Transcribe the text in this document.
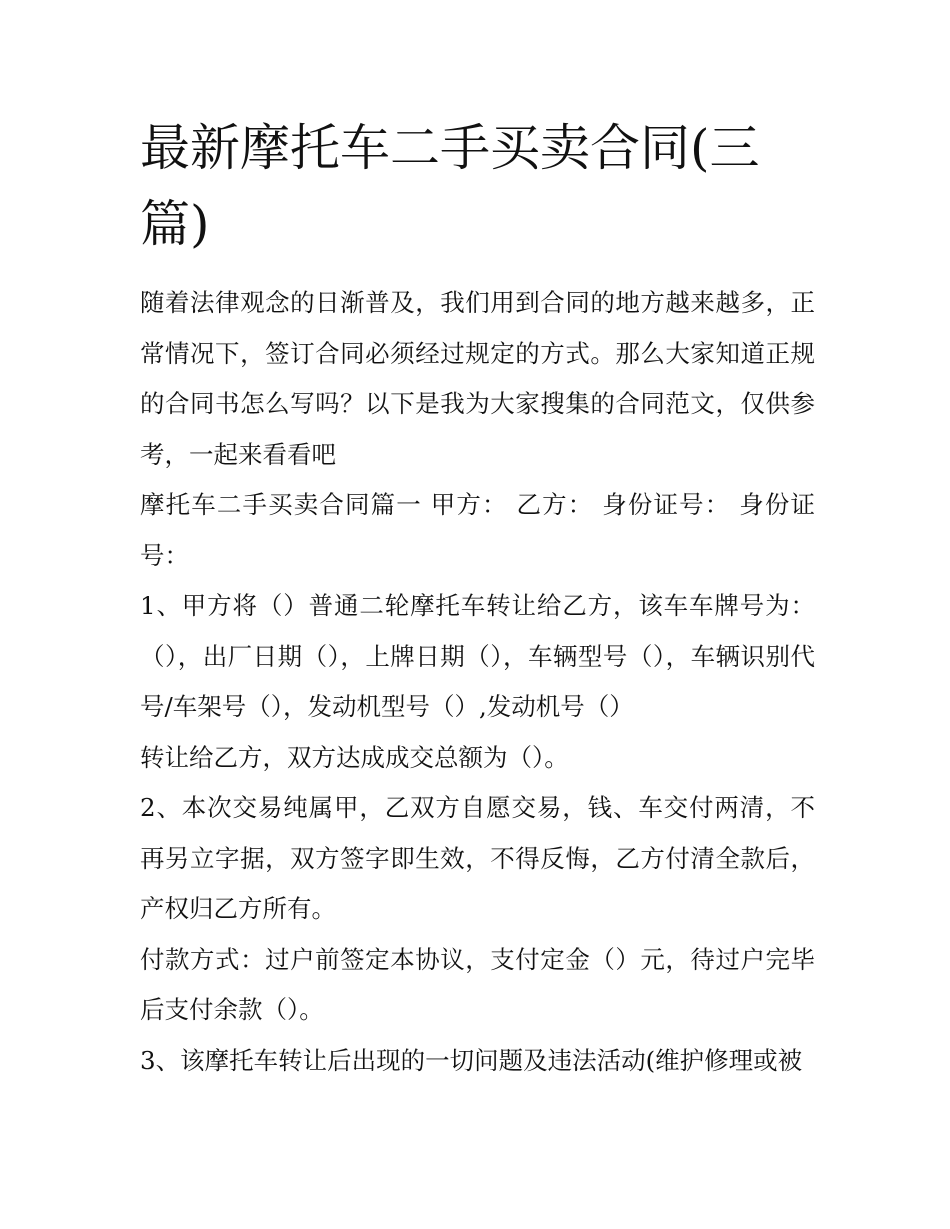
最新摩托车二手买卖合同(三篇)

随着法律观念的日渐普及，我们用到合同的地方越来越多，正常情况下，签订合同必须经过规定的方式。那么大家知道正规的合同书怎么写吗？以下是我为大家搜集的合同范文，仅供参考，一起来看看吧

摩托车二手买卖合同篇一 甲方： 乙方： 身份证号： 身份证号：

1、甲方将（）普通二轮摩托车转让给乙方，该车车牌号为：（），出厂日期（），上牌日期（），车辆型号（），车辆识别代号/车架号（），发动机型号（）,发动机号（）

转让给乙方，双方达成成交总额为（）。

2、本次交易纯属甲，乙双方自愿交易，钱、车交付两清，不再另立字据，双方签字即生效，不得反悔，乙方付清全款后，产权归乙方所有。

付款方式：过户前签定本协议，支付定金（）元，待过户完毕后支付余款（）。

3、该摩托车转让后出现的一切问题及违法活动(维护修理或被
